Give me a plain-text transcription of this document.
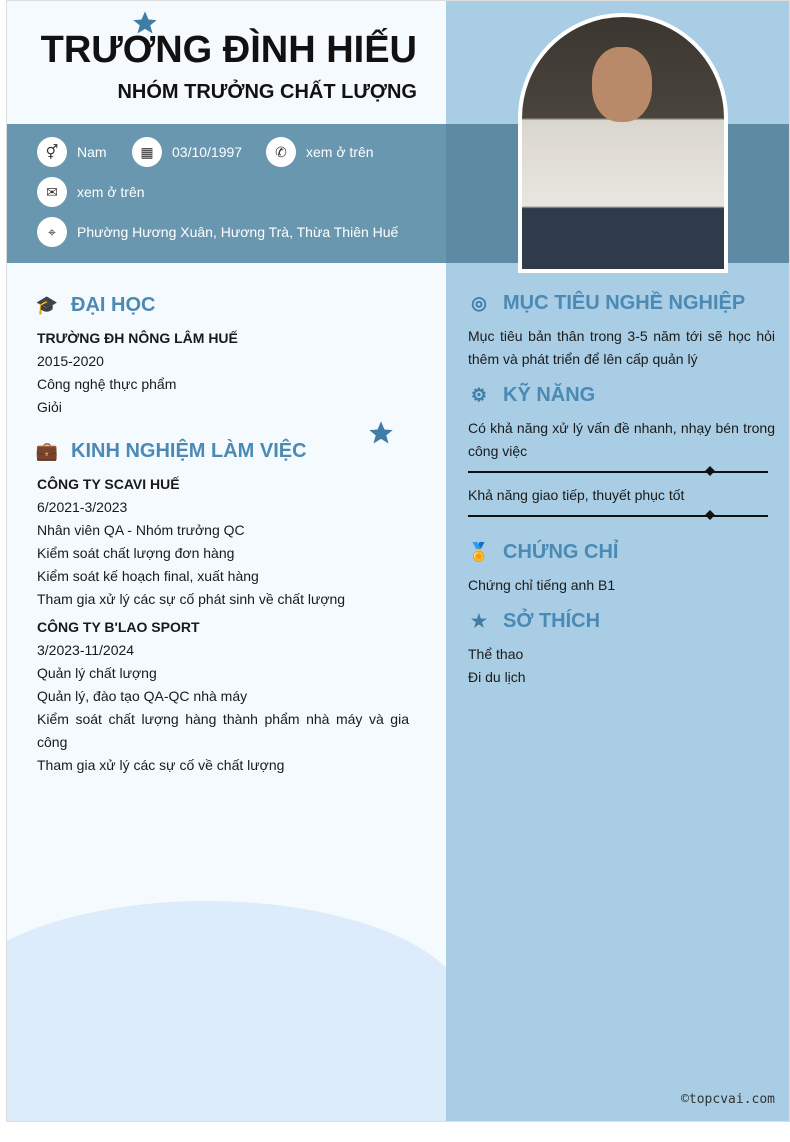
TRƯƠNG ĐÌNH HIẾU
NHÓM TRƯỞNG CHẤT LƯỢNG
⚥	Nam	▦	03/10/1997	✆	xem ở trên
✉	xem ở trên
⌖	Phường Hương Xuân, Hương Trà, Thừa Thiên Huế
🎓 ĐẠI HỌC
TRƯỜNG ĐH NÔNG LÂM HUẾ
2015-2020
Công nghệ thực phẩm
Giỏi
💼 KINH NGHIỆM LÀM VIỆC
CÔNG TY SCAVI HUẾ
6/2021-3/2023
Nhân viên QA - Nhóm trưởng QC
Kiểm soát chất lượng đơn hàng
Kiểm soát kế hoạch final, xuất hàng
Tham gia xử lý các sự cố phát sinh về chất lượng
CÔNG TY B'LAO SPORT
3/2023-11/2024
Quản lý chất lượng
Quản lý, đào tạo QA-QC nhà máy
Kiểm soát chất lượng hàng thành phẩm nhà máy và gia công
Tham gia xử lý các sự cố về chất lượng
◎ MỤC TIÊU NGHỀ NGHIỆP
Mục tiêu bản thân trong 3-5 năm tới sẽ học hỏi thêm và phát triển để lên cấp quản lý
⚙ KỸ NĂNG
Có khả năng xử lý vấn đề nhanh, nhạy bén trong công việc
Khả năng giao tiếp, thuyết phục tốt
🏅 CHỨNG CHỈ
Chứng chỉ tiếng anh B1
★ SỞ THÍCH
Thể thao
Đi du lịch
©topcvai.com
